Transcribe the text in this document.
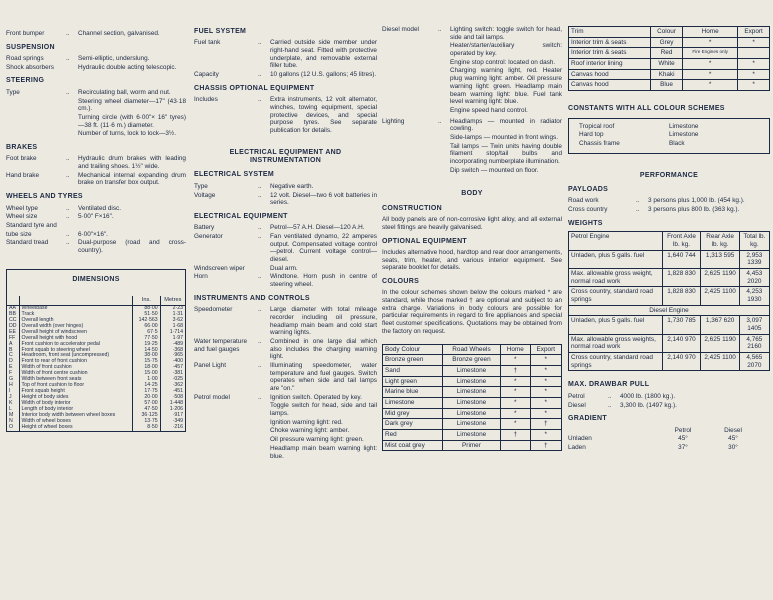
Front bumper	..	Channel section, galvanised.
SUSPENSION
Road springs	..	Semi-elliptic, underslung.
Shock absorbers	Hydraulic double acting telescopic.
STEERING
Type	..	Recirculating ball, worm and nut.
Steering wheel diameter—17" (43·18 cm.).
Turning circle (with 6·00"× 16" tyres)—38 ft. (11·6 m.) diameter.
Number of turns, lock to lock—3½.
BRAKES
Foot brake	..	Hydraulic drum brakes with leading and trailing shoes. 1½" wide.
Hand brake	..	Mechanical internal expanding drum brake on transfer box output.
WHEELS AND TYRES
Wheel type	..	Ventilated disc.
Wheel size	..	5·00" F×16".
Standard tyre and
tube size	..	6·00"×16".
Standard tread	..	Dual-purpose (road and cross-country).
DIMENSIONS
		Ins.	Metres
AA	Wheelbase	88·00	2·23
BB	Track	51·50	1·31
CC	Overall length	142·563	3·62
DD	Overall width (over hinges)	66·00	1·68
EE	Overall height of windscreen	67·5	1·714
FF	Overall height with hood	77·50	1·97
A	Front cushion to accelerator pedal	19·25	·489
B	Front squab to steering wheel	14·50	·368
C	Headroom, front seat (uncompressed)	38·00	·965
D	Front to rear of front cushion	15·75	·400
E	Width of front cushion	18·00	·457
F	Width of front centre cushion	15·00	·381
G	Width between front seats	1·00	·025
H	Top of front cushion to floor	14·25	·362
I	Front squab height	17·75	·451
J	Height of body sides	20·00	·508
K	Width of body interior	57·00	1·448
L	Length of body interior	47·50	1·206
M	Interior body width between wheel boxes	36·125	·917
N	Width of wheel boxes	13·75	·349
O	Height of wheel boxes	8·50	·216
FUEL SYSTEM
Fuel tank	..	Carried outside side member under right-hand seat. Fitted with protective underplate, and removable external filler tube.
Capacity	..	10 gallons (12 U.S. gallons; 45 litres).
CHASSIS OPTIONAL EQUIPMENT
Includes	..	Extra instruments, 12 volt alternator, winches, towing equipment, special protective devices, and special purpose tyres. See separate publication for details.
ELECTRICAL EQUIPMENT AND INSTRUMENTATION
ELECTRICAL SYSTEM
Type	..	Negative earth.
Voltage	..	12 volt. Diesel—two 6 volt batteries in series.
ELECTRICAL EQUIPMENT
Battery	..	Petrol—57 A.H. Diesel—120 A.H.
Generator	..	Fan ventilated dynamo, 22 amperes output. Compensated voltage control—petrol. Current voltage control—diesel.
Windscreen wiper	Dual arm.
Horn	..	Windtone. Horn push in centre of steering wheel.
INSTRUMENTS AND CONTROLS
Speedometer	..	Large diameter with total mileage recorder including oil pressure, headlamp main beam and cold start warning lights.
Water temperature and fuel gauges
..	Combined in one large dial which also includes the charging warning light.
Panel Light	..	Illuminating speedometer, water temperature and fuel gauges. Switch operates when side and tail lamps are "on."
Petrol model	..	Ignition switch. Operated by key.
Toggle switch for head, side and tail lamps.
Ignition warning light: red.
Choke warning light: amber.
Oil pressure warning light: green.
Headlamp main beam warning light: blue.
Diesel model	..	Lighting switch: toggle switch for head, side and tail lamps.
Heater/starter/auxiliary switch: operated by key.
Engine stop control: located on dash.
Charging warning light, red. Heater plug warning light: amber. Oil pressure warning light: green. Headlamp main beam warning light: blue. Fuel tank level warning light: blue.
Engine speed hand control.
Lighting	..	Headlamps — mounted in radiator cowling.
Side-lamps — mounted in front wings.
Tail lamps — Twin units having double filament stop/tail bulbs and incorporating numberplate illumination.
Dip switch — mounted on floor.
BODY
CONSTRUCTION
All body panels are of non-corrosive light alloy, and all external steel fittings are heavily galvanised.
OPTIONAL EQUIPMENT
Includes alternative hood, hardtop and rear door arrangements, seats, trim, heater, and various interior equipment. See separate booklet for details.
COLOURS
In the colour schemes shown below the colours marked * are standard, while those marked † are optional and subject to an extra charge. Variations in body colours are possible for particular requirements in regard to fire appliances and special fleet customer specifications. Quotations may be obtained from the factory on request.
Body Colour	Road Wheels	Home	Export
Bronze green	Bronze green	*	*
Sand	Limestone	†	*
Light green	Limestone	*	*
Marine blue	Limestone	*	*
Limestone	Limestone	*	*
Mid grey	Limestone	*	*
Dark grey	Limestone	*	†
Red	Limestone	†	*
Mist coat grey	Primer		†
Trim	Colour	Home	Export
Interior trim & seats	Grey	*	*
Interior trim & seats	Red	Fire Engines only	
Roof interior lining	White	*	*
Canvas hood	Khaki	*	*
Canvas hood	Blue	*	*
CONSTANTS WITH ALL COLOUR SCHEMES
Tropical roof	Limestone
Hard top	Limestone
Chassis frame	Black
PERFORMANCE
PAYLOADS
Road work	..	3 persons plus 1,000 lb. (454 kg.).
Cross country	..	3 persons plus 800 lb. (363 kg.).
WEIGHTS
Petrol Engine	Front Axle lb. kg.	Rear Axle lb. kg.	Total lb. kg.
Unladen, plus 5 galls. fuel	1,640 744	1,313 595	2,953 1339
Max. allowable gross weight, normal road work	1,828 830	2,625 1190	4,453 2020
Cross country, standard road springs	1,828 830	2,425 1100	4,253 1930
Diesel Engine			
Unladen, plus 5 galls. fuel	1,730 785	1,367 620	3,097 1405
Max. allowable gross weights, normal road work	2,140 970	2,625 1190	4,765 2160
Cross country, standard road springs	2,140 970	2,425 1100	4,565 2070
MAX. DRAWBAR PULL
Petrol	..	4000 lb. (1800 kg.).
Diesel	..	3,300 lb. (1497 kg.).
GRADIENT
Petrol	Diesel
Unladen	45°	45°
Laden	37°	30°
